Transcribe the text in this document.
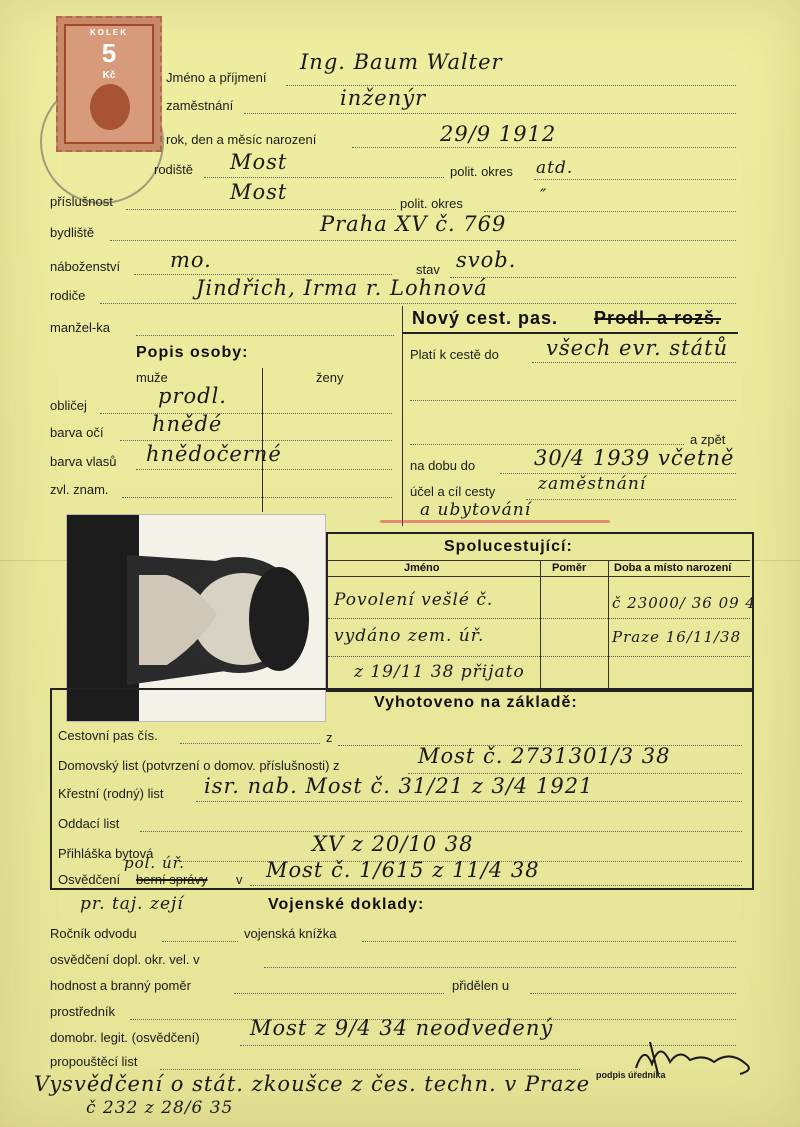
KOLEK
5
Kč	Jméno a příjmení
Ing. Baum Walter
zaměstnání	inženýr
rok, den a měsíc narození	29/9 1912
rodiště Most	polit. okres atd.
příslušnost	Most	polit. okres	″
bydliště	Praha XV č. 769
náboženství mo.	stav svob.
rodiče	Jindřich, Irma r. Lohnová
manžel-ka
Popis osoby:
muže	ženy
obličej	prodl.
barva očí hnědé
barva vlasů hnědočerné
zvl. znam.
Nový cest. pas. Prodl. a rozš.
Platí k cestě do všech evr. států
a zpět
na dobu do	30/4 1939 včetně
účel a cíl cesty	zaměstnání
a ubytování
Spolucestující:
Jméno	Poměr	Doba a místo narození
Povolení vešlé č.	č 23000/ 36 09 4
vydáno zem. úř.	Praze 16/11/38
z 19/11 38 přijato
Vyhotoveno na základě:
Cestovní pas čís.	z
Domovský list (potvrzení o domov. příslušnosti) z	Most č. 2731301/3 38
Křestní (rodný) list isr. nab. Most č. 31/21 z 3/4 1921
Oddací list
Přihláška bytová	XV z 20/10 38
Osvědčení berní správy v
pol. úř.	Most č. 1/615 z 11/4 38
pr. taj. zejí	Vojenské doklady:
Ročník odvodu	vojenská knížka
osvědčení dopl. okr. vel. v
hodnost a branný poměr	přidělen u
prostředník
domobr. legit. (osvědčení) Most z 9/4 34 neodvedený
propouštěcí list
podpis úředníka
Vysvědčení o stát. zkoušce z čes. techn. v Praze
č 232 z 28/6 35
